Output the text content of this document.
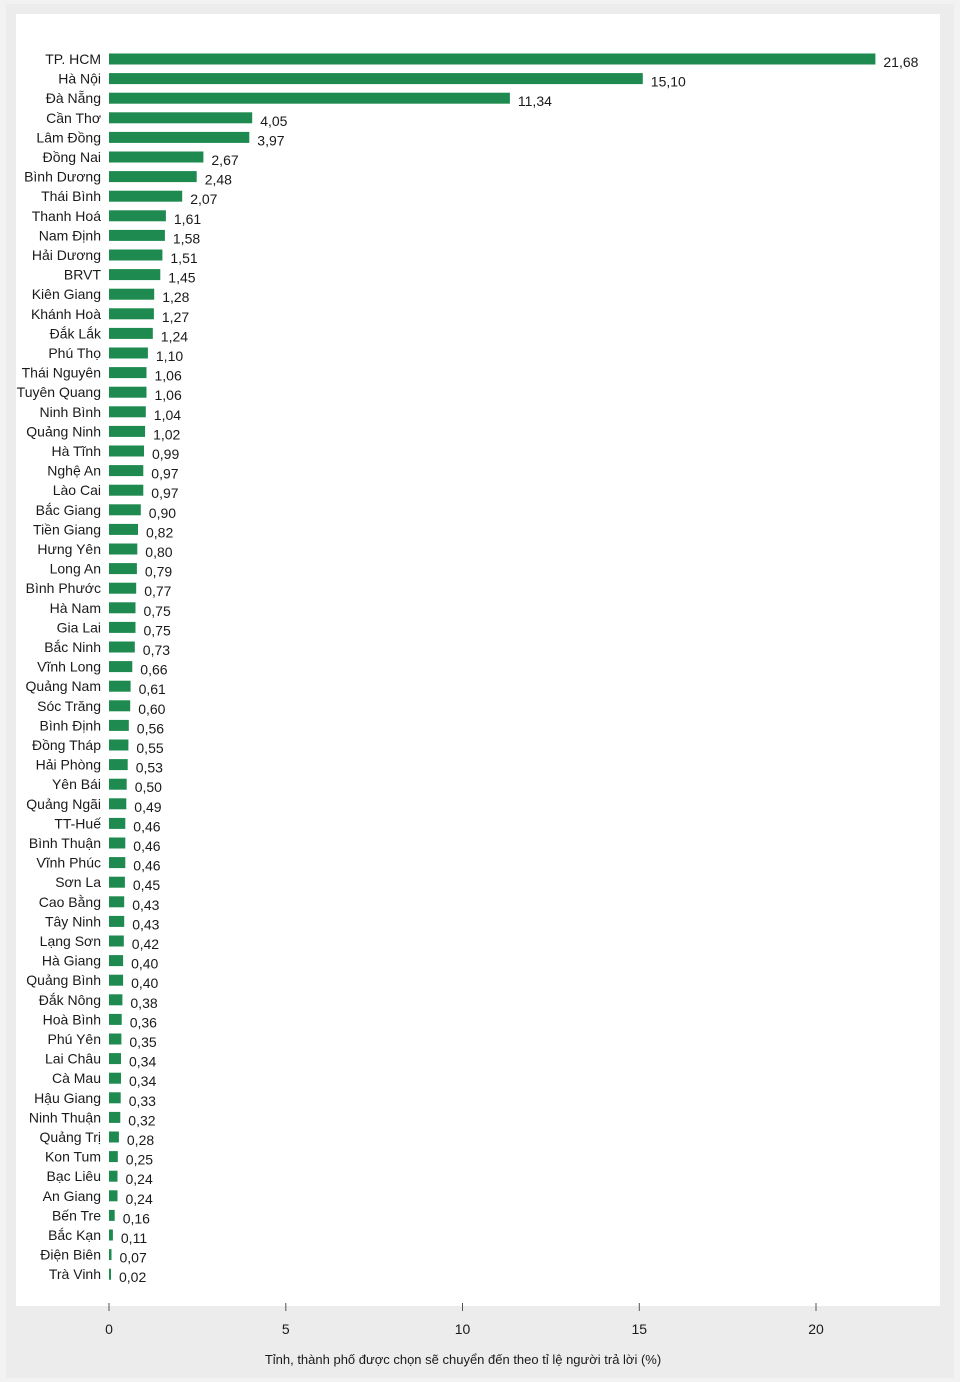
TP. HCM
Hà Nội
Đà Nẵng
Cần Thơ
Lâm Đồng
Đồng Nai
Bình Dương
Thái Bình
Thanh Hoá
Nam Định
Hải Dương
BRVT
Kiên Giang
Khánh Hoà
Đắk Lắk
Phú Thọ
Thái Nguyên
Tuyên Quang
Ninh Bình
Quảng Ninh
Hà Tĩnh
Nghệ An
Lào Cai
Bắc Giang
Tiền Giang
Hưng Yên
Long An
Bình Phước
Hà Nam
Gia Lai
Bắc Ninh
Vĩnh Long
Quảng Nam
Sóc Trăng
Bình Định
Đồng Tháp
Hải Phòng
Yên Bái
Quảng Ngãi
TT-Huế
Bình Thuận
Vĩnh Phúc
Sơn La
Cao Bằng
Tây Ninh
Lạng Sơn
Hà Giang
Quảng Bình
Đắk Nông
Hoà Bình
Phú Yên
Lai Châu
Cà Mau
Hậu Giang
Ninh Thuận
Quảng Trị
Kon Tum
Bạc Liêu
An Giang
Bến Tre
Bắc Kạn
Điện Biên
Trà Vinh
21,68
15,10
11,34
4,05
3,97
2,67
2,48
2,07
1,61
1,58
1,51
1,45
1,28
1,27
1,24
1,10
1,06
1,06
1,04
1,02
0,99
0,97
0,97
0,90
0,82
0,80
0,79
0,77
0,75
0,75
0,73
0,66
0,61
0,60
0,56
0,55
0,53
0,50
0,49
0,46
0,46
0,46
0,45
0,43
0,43
0,42
0,40
0,40
0,38
0,36
0,35
0,34
0,34
0,33
0,32
0,28
0,25
0,24
0,24
0,16
0,11
0,07
0,02
0	5	10	15	20
Tỉnh, thành phố được chọn sẽ chuyển đến theo tỉ lệ người trả lời (%)
